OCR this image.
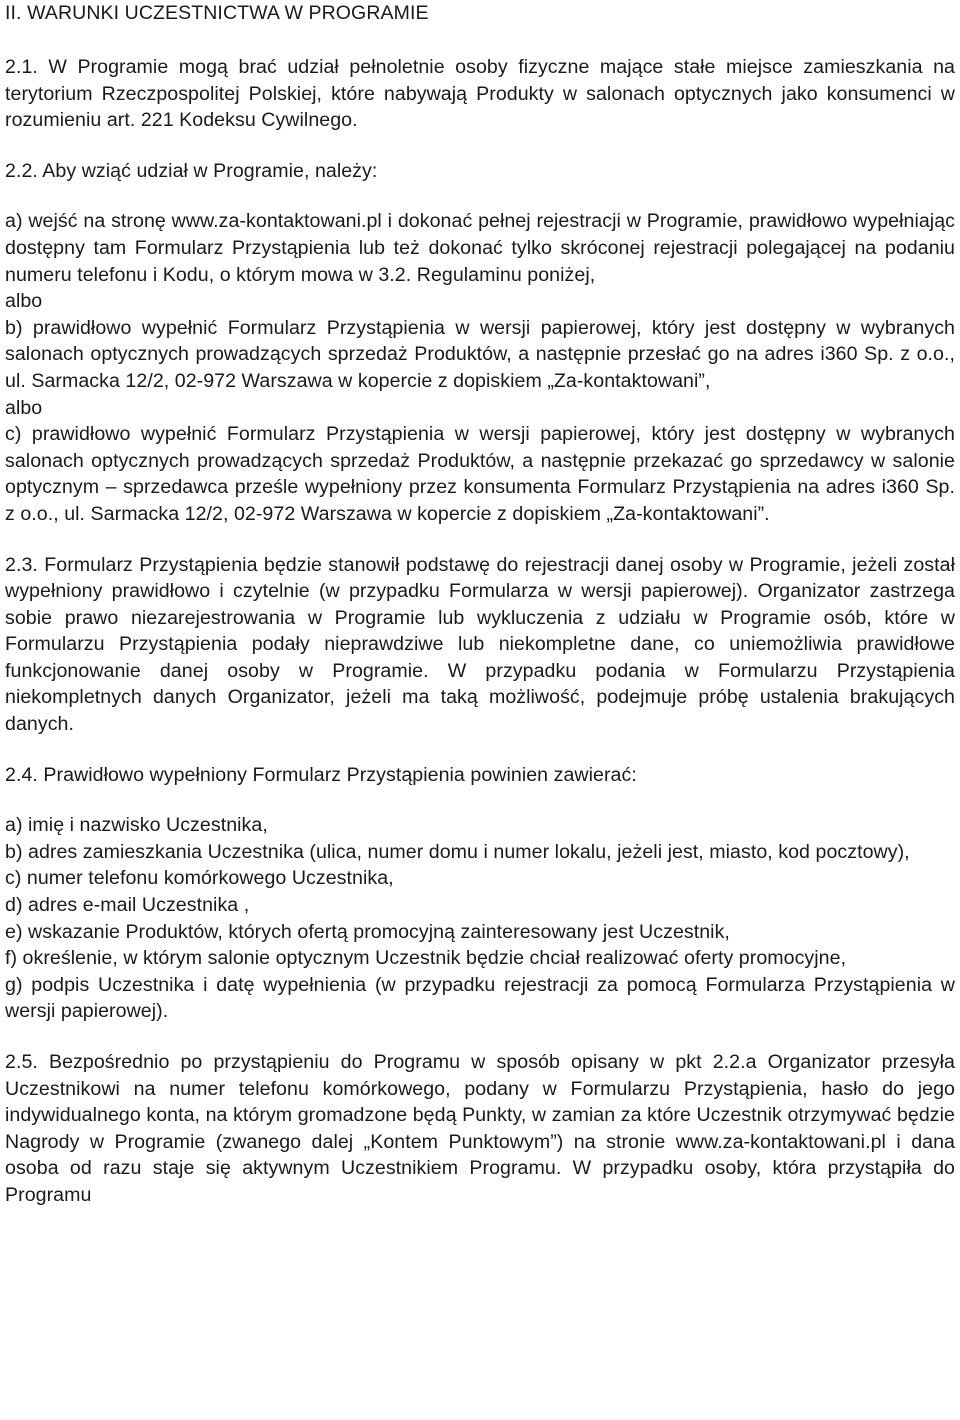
II. WARUNKI UCZESTNICTWA W PROGRAMIE

2.1. W Programie mogą brać udział pełnoletnie osoby fizyczne mające stałe miejsce zamieszkania na terytorium Rzeczpospolitej Polskiej, które nabywają Produkty w salonach optycznych jako konsumenci w rozumieniu art. 221 Kodeksu Cywilnego.

2.2. Aby wziąć udział w Programie, należy:

a) wejść na stronę www.za-kontaktowani.pl i dokonać pełnej rejestracji w Programie, prawidłowo wypełniając dostępny tam Formularz Przystąpienia lub też dokonać tylko skróconej rejestracji polegającej na podaniu numeru telefonu i Kodu, o którym mowa w 3.2. Regulaminu poniżej,

albo

b) prawidłowo wypełnić Formularz Przystąpienia w wersji papierowej, który jest dostępny w wybranych salonach optycznych prowadzących sprzedaż Produktów, a następnie przesłać go na adres i360 Sp. z o.o., ul. Sarmacka 12/2, 02-972 Warszawa w kopercie z dopiskiem „Za-kontaktowani”,

albo

c) prawidłowo wypełnić Formularz Przystąpienia w wersji papierowej, który jest dostępny w wybranych salonach optycznych prowadzących sprzedaż Produktów, a następnie przekazać go sprzedawcy w salonie optycznym – sprzedawca prześle wypełniony przez konsumenta Formularz Przystąpienia na adres i360 Sp. z o.o., ul. Sarmacka 12/2, 02-972 Warszawa w kopercie z dopiskiem „Za-kontaktowani”.

2.3. Formularz Przystąpienia będzie stanowił podstawę do rejestracji danej osoby w Programie, jeżeli został wypełniony prawidłowo i czytelnie (w przypadku Formularza w wersji papierowej). Organizator zastrzega sobie prawo niezarejestrowania w Programie lub wykluczenia z udziału w Programie osób, które w Formularzu Przystąpienia podały nieprawdziwe lub niekompletne dane, co uniemożliwia prawidłowe funkcjonowanie danej osoby w Programie. W przypadku podania w Formularzu Przystąpienia niekompletnych danych Organizator, jeżeli ma taką możliwość, podejmuje próbę ustalenia brakujących danych.

2.4. Prawidłowo wypełniony Formularz Przystąpienia powinien zawierać:

a) imię i nazwisko Uczestnika,

b) adres zamieszkania Uczestnika (ulica, numer domu i numer lokalu, jeżeli jest, miasto, kod pocztowy),

c) numer telefonu komórkowego Uczestnika,

d) adres e-mail Uczestnika ,

e) wskazanie Produktów, których ofertą promocyjną zainteresowany jest Uczestnik,

f) określenie, w którym salonie optycznym Uczestnik będzie chciał realizować oferty promocyjne,

g) podpis Uczestnika i datę wypełnienia (w przypadku rejestracji za pomocą Formularza Przystąpienia w wersji papierowej).

2.5. Bezpośrednio po przystąpieniu do Programu w sposób opisany w pkt 2.2.a Organizator przesyła Uczestnikowi na numer telefonu komórkowego, podany w Formularzu Przystąpienia, hasło do jego indywidualnego konta, na którym gromadzone będą Punkty, w zamian za które Uczestnik otrzymywać będzie Nagrody w Programie (zwanego dalej „Kontem Punktowym”) na stronie www.za-kontaktowani.pl i dana osoba od razu staje się aktywnym Uczestnikiem Programu. W przypadku osoby, która przystąpiła do Programu
